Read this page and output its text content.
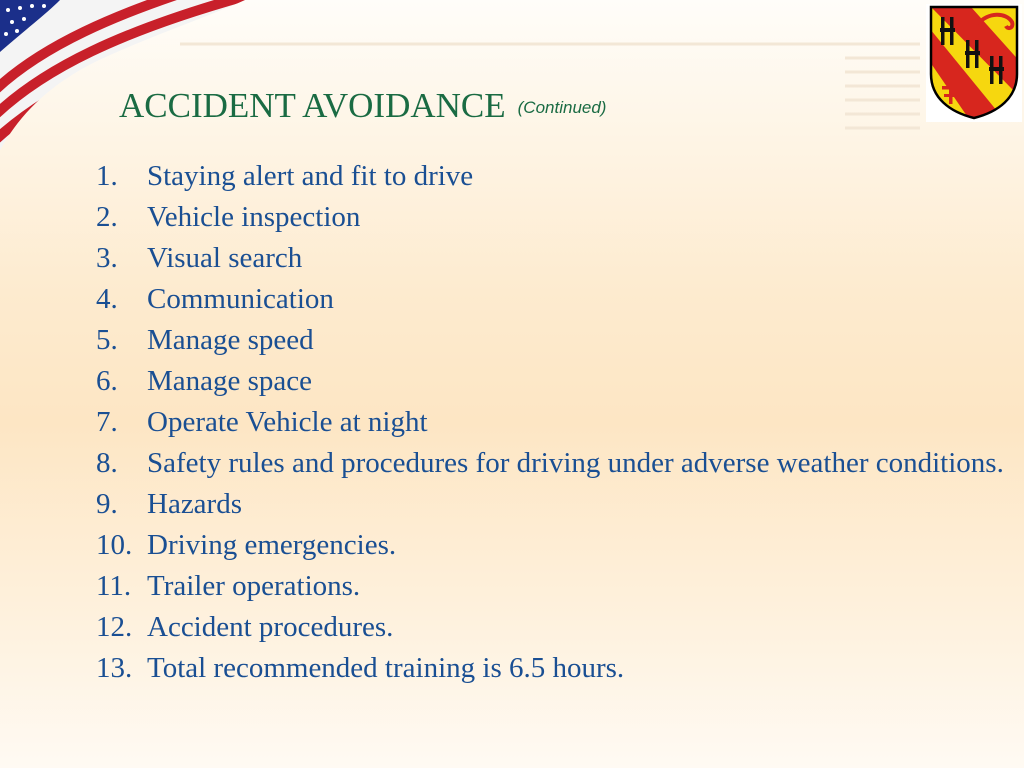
ACCIDENT AVOIDANCE $^{(Continued)}$
1. Staying alert and fit to drive
2. Vehicle inspection
3. Visual search
4. Communication
5. Manage speed
6. Manage space
7. Operate Vehicle at night
8. Safety rules and procedures for driving under adverse weather conditions.
9. Hazards
10. Driving emergencies.
11. Trailer operations.
12. Accident procedures.
13. Total recommended training is 6.5 hours.
